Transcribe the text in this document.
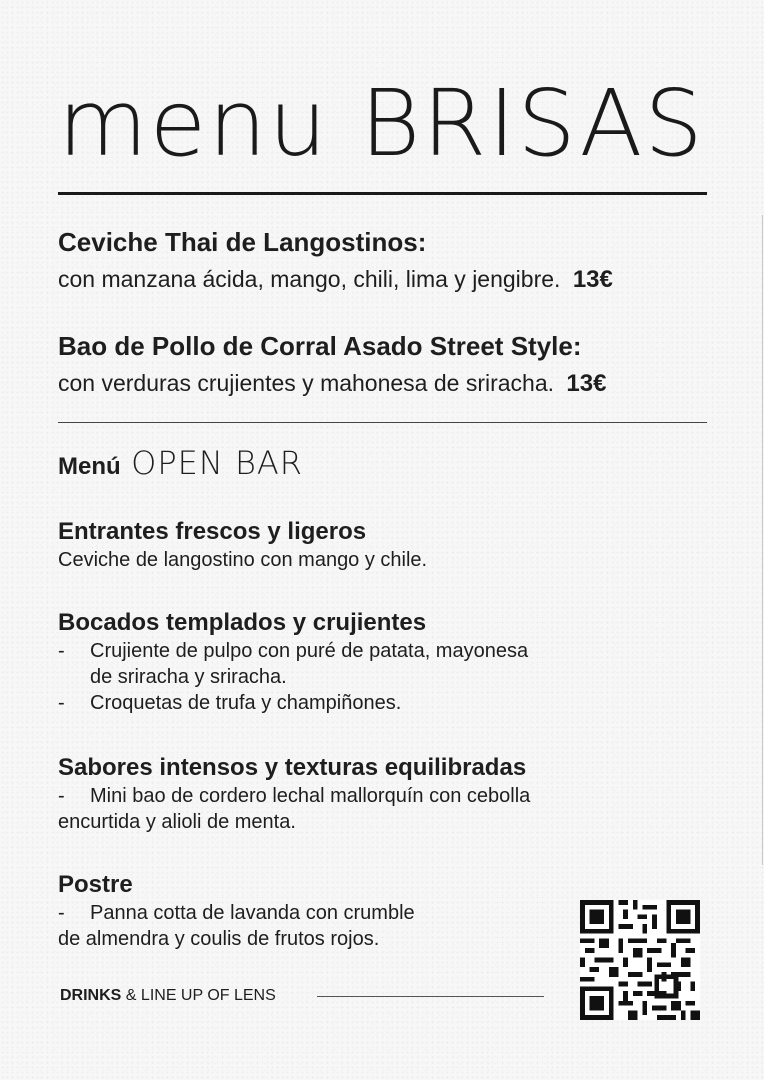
menu BRISAS

Ceviche Thai de Langostinos:

con manzana ácida, mango, chili, lima y jengibre. 13€

Bao de Pollo de Corral Asado Street Style:

con verduras crujientes y mahonesa de sriracha. 13€

Menú OPEN BAR

Entrantes frescos y ligeros

Ceviche de langostino con mango y chile.

Bocados templados y crujientes

-	Crujiente de pulpo con puré de patata, mayonesa
de sriracha y sriracha.
-	Croquetas de trufa y champiñones.

Sabores intensos y texturas equilibradas

-	Mini bao de cordero lechal mallorquín con cebolla

encurtida y alioli de menta.

Postre

-	Panna cotta de lavanda con crumble

de almendra y coulis de frutos rojos.

DRINKS & LINE UP OF LENS
